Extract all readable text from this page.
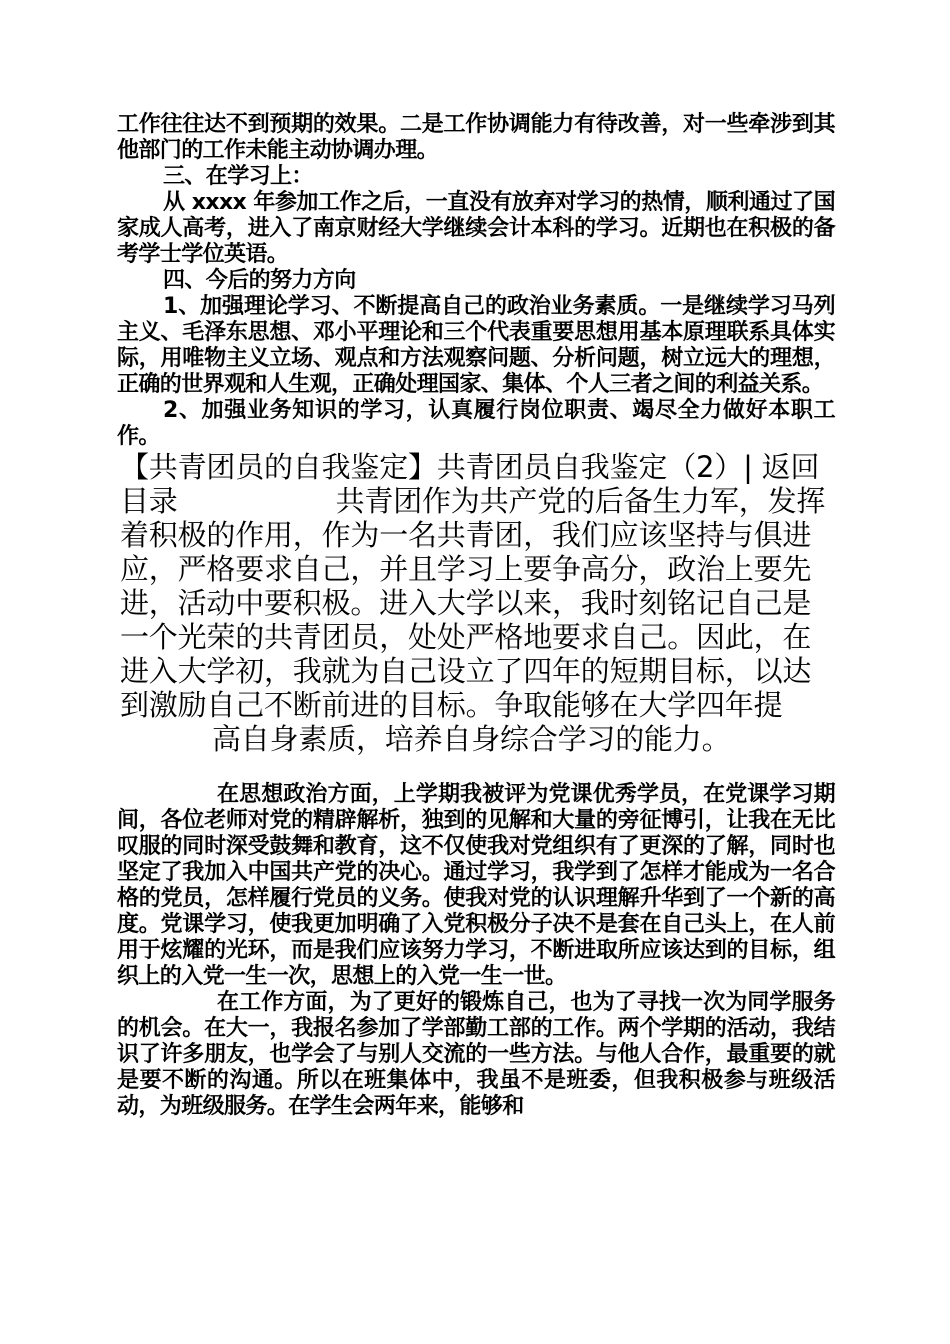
工作往往达不到预期的效果。二是工作协调能力有待改善，对一些牵涉到其他部门的工作未能主动协调办理。

三、在学习上：

从 xxxx 年参加工作之后，一直没有放弃对学习的热情，顺利通过了国家成人高考，进入了南京财经大学继续会计本科的学习。近期也在积极的备考学士学位英语。

四、今后的努力方向

1、加强理论学习、不断提高自己的政治业务素质。一是继续学习马列主义、毛泽东思想、邓小平理论和三个代表重要思想用基本原理联系具体实际，用唯物主义立场、观点和方法观察问题、分析问题，树立远大的理想，正确的世界观和人生观，正确处理国家、集体、个人三者之间的利益关系。

2、加强业务知识的学习，认真履行岗位职责、竭尽全力做好本职工作。

【共青团员的自我鉴定】共青团员自我鉴定（2）| 返回目录	共青团作为共产党的后备生力军，发挥着积极的作用，作为一名共青团，我们应该坚持与俱进应，严格要求自己，并且学习上要争高分，政治上要先进，活动中要积极。进入大学以来，我时刻铭记自己是一个光荣的共青团员，处处严格地要求自己。因此，在进入大学初，我就为自己设立了四年的短期目标，以达到激励自己不断前进的目标。争取能够在大学四年提
高自身素质，培养自身综合学习的能力。

在思想政治方面，上学期我被评为党课优秀学员，在党课学习期间，各位老师对党的精辟解析，独到的见解和大量的旁征博引，让我在无比叹服的同时深受鼓舞和教育，这不仅使我对党组织有了更深的了解，同时也坚定了我加入中国共产党的决心。通过学习，我学到了怎样才能成为一名合格的党员，怎样履行党员的义务。使我对党的认识理解升华到了一个新的高度。党课学习，使我更加明确了入党积极分子决不是套在自己头上，在人前用于炫耀的光环，而是我们应该努力学习，不断进取所应该达到的目标，组织上的入党一生一次，思想上的入党一生一世。

在工作方面，为了更好的锻炼自己，也为了寻找一次为同学服务的机会。在大一，我报名参加了学部勤工部的工作。两个学期的活动，我结识了许多朋友，也学会了与别人交流的一些方法。与他人合作，最重要的就是要不断的沟通。所以在班集体中，我虽不是班委，但我积极参与班级活动，为班级服务。在学生会两年来，能够和
